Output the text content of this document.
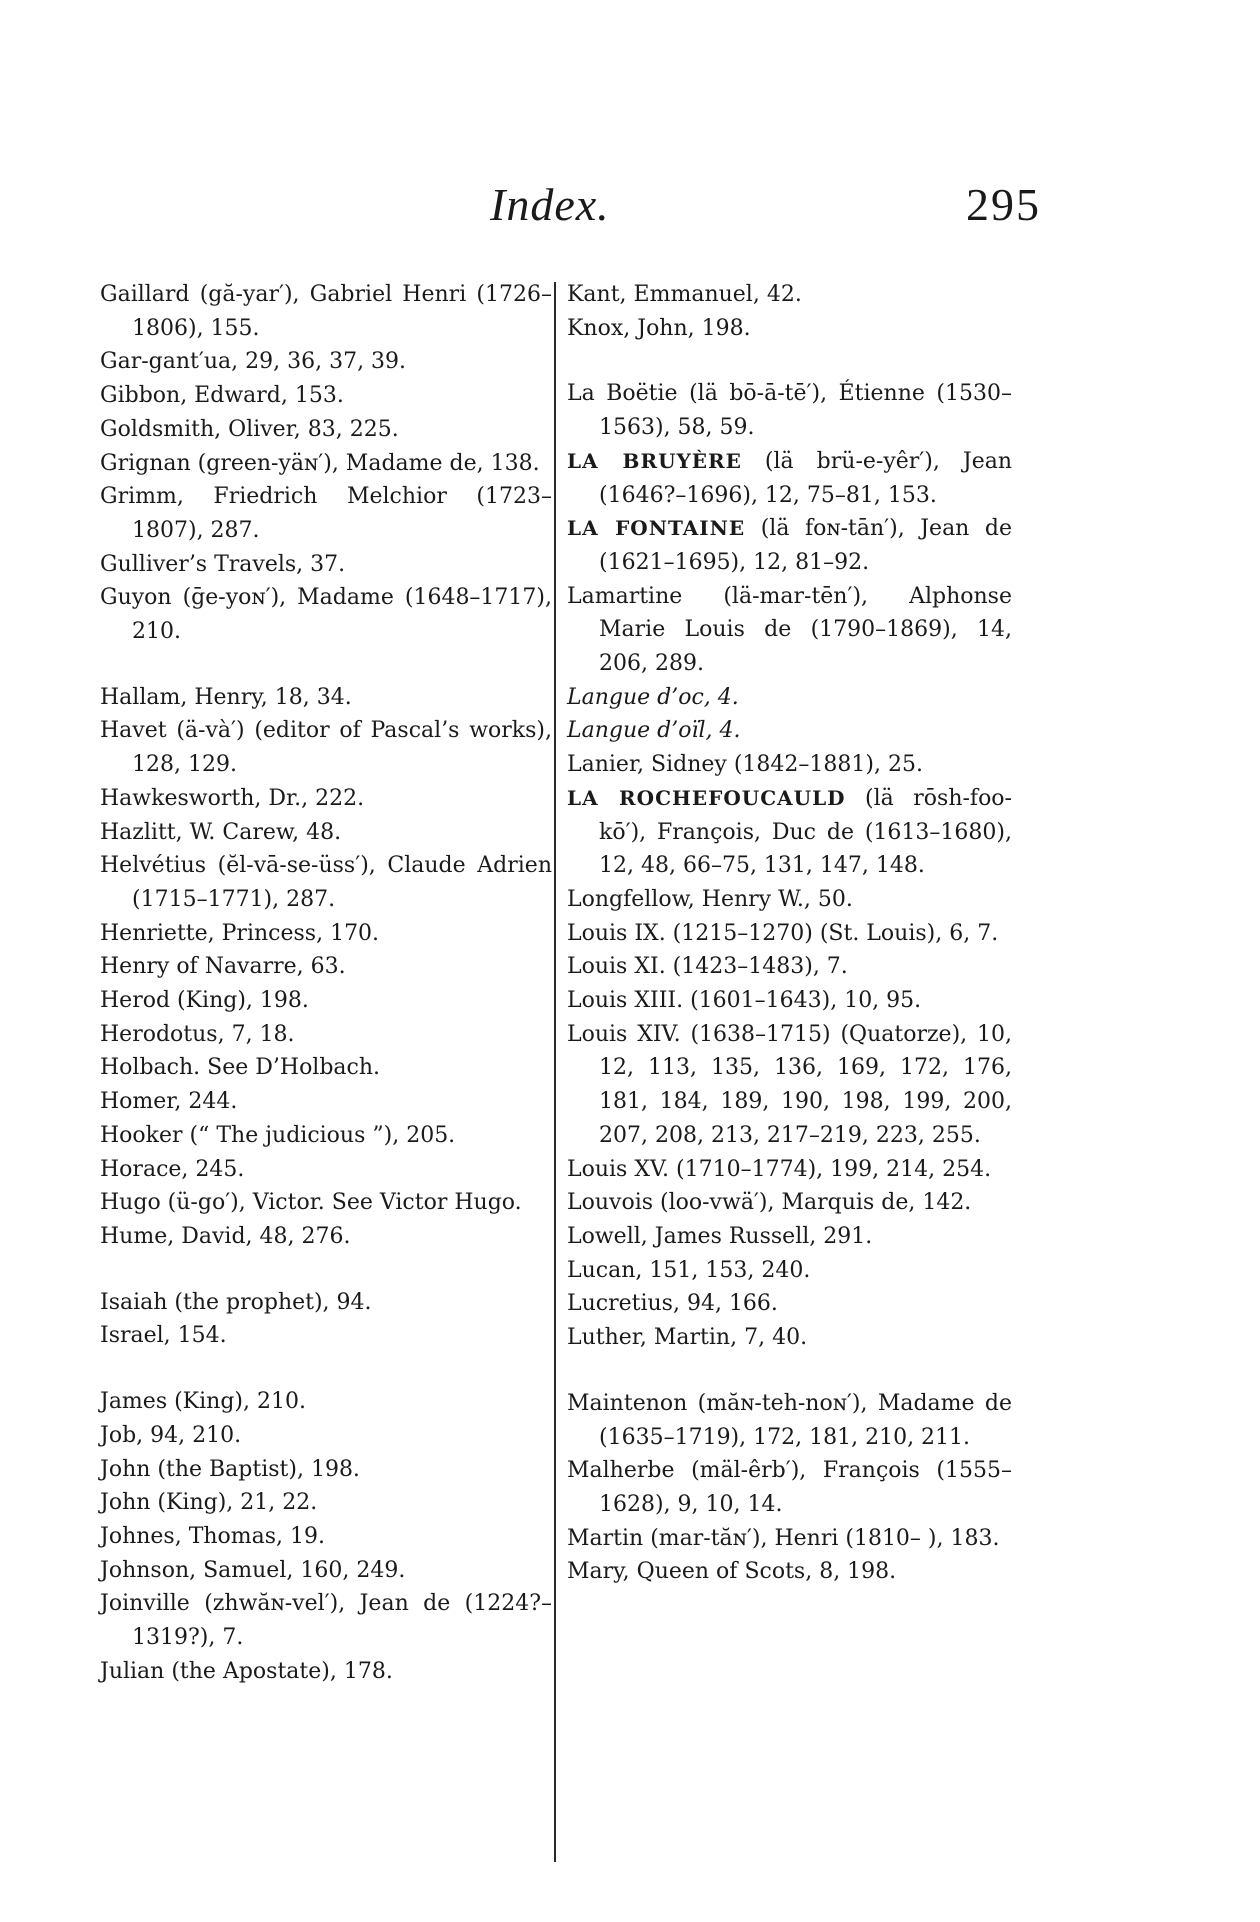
Index.	295
Gaillard (gă-yar′), Gabriel Henri (1726–1806), 155.
Gar-gant′ua, 29, 36, 37, 39.
Gibbon, Edward, 153.
Goldsmith, Oliver, 83, 225.
Grignan (green-yäɴ′), Madame de, 138.
Grimm, Friedrich Melchior (1723–1807), 287.
Gulliver’s Travels, 37.
Guyon (ḡe-yoɴ′), Madame (1648–1717), 210.
Hallam, Henry, 18, 34.
Havet (ä-và′) (editor of Pascal’s works), 128, 129.
Hawkesworth, Dr., 222.
Hazlitt, W. Carew, 48.
Helvétius (ĕl-vā-se-üss′), Claude Adrien (1715–1771), 287.
Henriette, Princess, 170.
Henry of Navarre, 63.
Herod (King), 198.
Herodotus, 7, 18.
Holbach. See D’Holbach.
Homer, 244.
Hooker (“ The judicious ”), 205.
Horace, 245.
Hugo (ü-go′), Victor. See Victor Hugo.
Hume, David, 48, 276.
Isaiah (the prophet), 94.
Israel, 154.
James (King), 210.
Job, 94, 210.
John (the Baptist), 198.
John (King), 21, 22.
Johnes, Thomas, 19.
Johnson, Samuel, 160, 249.
Joinville (zhwăɴ-vel′), Jean de (1224?–1319?), 7.
Julian (the Apostate), 178.
Kant, Emmanuel, 42.
Knox, John, 198.
La Boëtie (lä bō-ā-tē′), Étienne (1530–1563), 58, 59.
LA BRUYÈRE (lä brü-e-yêr′), Jean (1646?–1696), 12, 75–81, 153.
LA FONTAINE (lä foɴ-tān′), Jean de (1621–1695), 12, 81–92.
Lamartine (lä-mar-tēn′), Alphonse Marie Louis de (1790–1869), 14, 206, 289.
Langue d’oc, 4.
Langue d’oïl, 4.
Lanier, Sidney (1842–1881), 25.
LA ROCHEFOUCAULD (lä rōsh-foo-kō′), François, Duc de (1613–1680), 12, 48, 66–75, 131, 147, 148.
Longfellow, Henry W., 50.
Louis IX. (1215–1270) (St. Louis), 6, 7.
Louis XI. (1423–1483), 7.
Louis XIII. (1601–1643), 10, 95.
Louis XIV. (1638–1715) (Quatorze), 10, 12, 113, 135, 136, 169, 172, 176, 181, 184, 189, 190, 198, 199, 200, 207, 208, 213, 217–219, 223, 255.
Louis XV. (1710–1774), 199, 214, 254.
Louvois (loo-vwä′), Marquis de, 142.
Lowell, James Russell, 291.
Lucan, 151, 153, 240.
Lucretius, 94, 166.
Luther, Martin, 7, 40.
Maintenon (măɴ-teh-noɴ′), Madame de (1635–1719), 172, 181, 210, 211.
Malherbe (mäl-êrb′), François (1555–1628), 9, 10, 14.
Martin (mar-tăɴ′), Henri (1810– ), 183.
Mary, Queen of Scots, 8, 198.
